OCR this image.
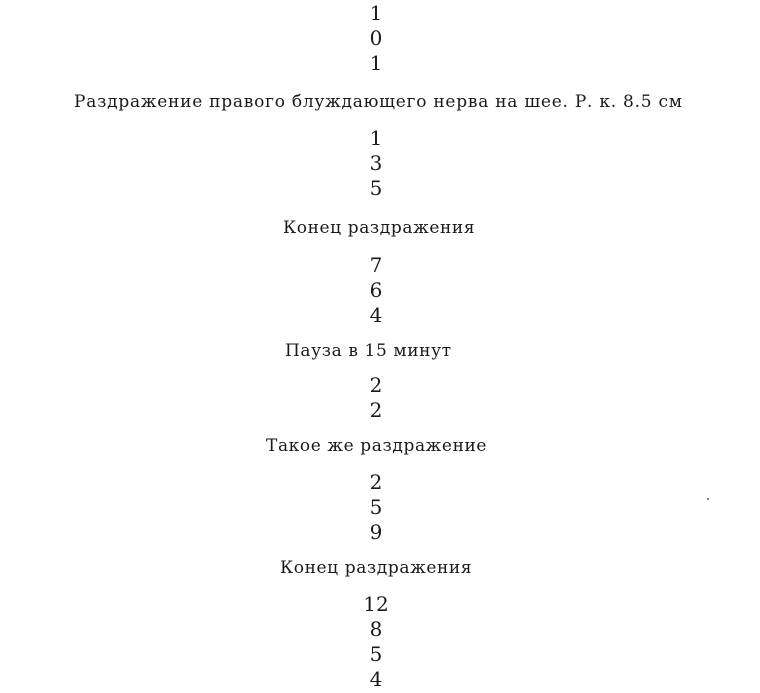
1
0
1
Раздражение правого блуждающего нерва на шее. Р. к. 8.5 см
1
3
5
Конец раздражения
7
6
4
Пауза в 15 минут
2
2
Такое же раздражение
2
5
9
Конец раздражения
12
8
5
4
